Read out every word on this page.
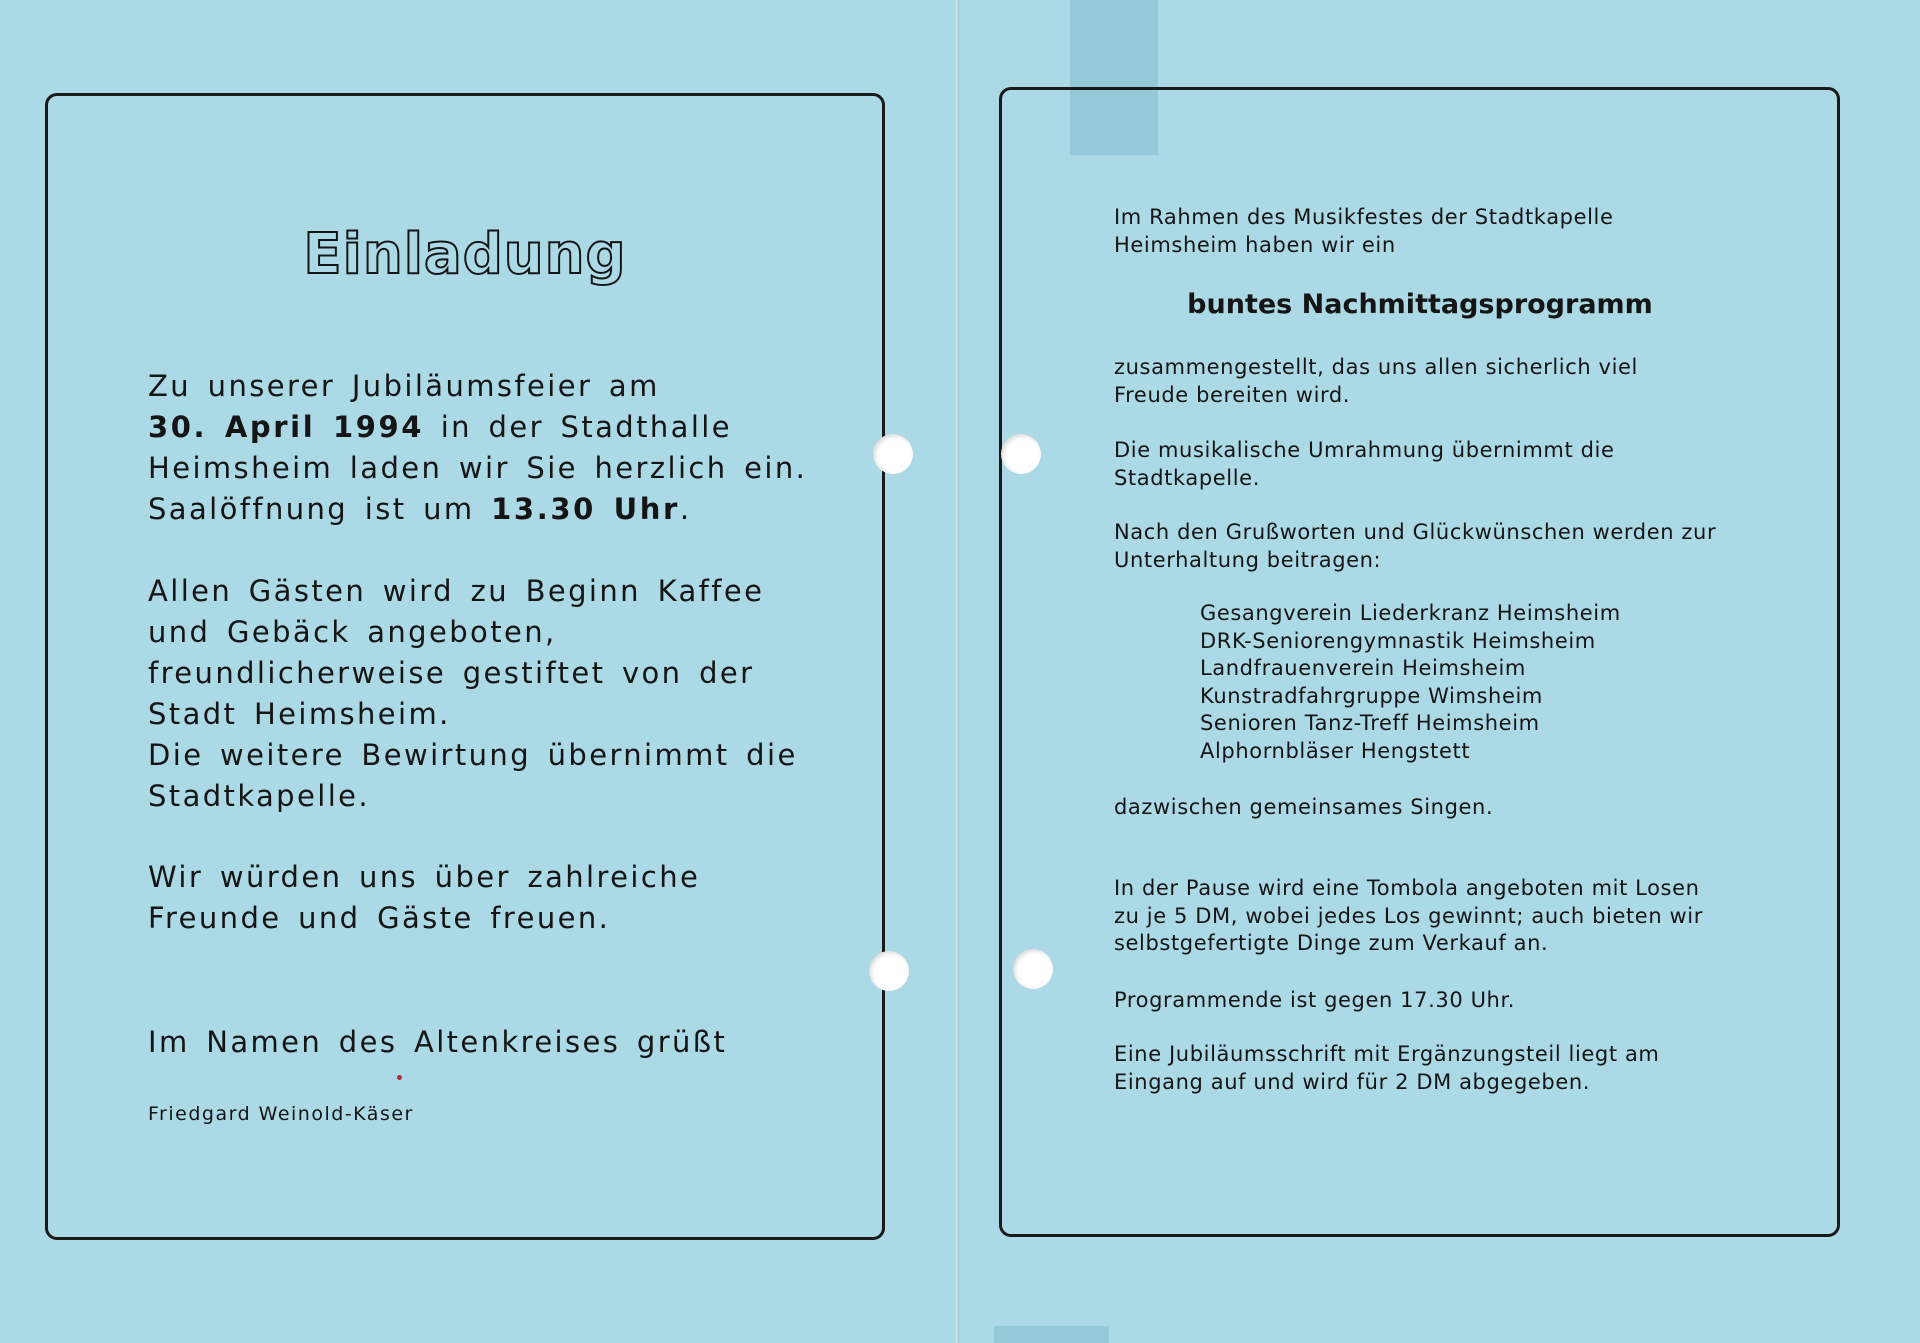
Einladung

Zu unserer Jubiläumsfeier am
30. April 1994 in der Stadthalle
Heimsheim laden wir Sie herzlich ein.
Saalöffnung ist um 13.30 Uhr.

Allen Gästen wird zu Beginn Kaffee
und Gebäck angeboten,
freundlicherweise gestiftet von der
Stadt Heimsheim.
Die weitere Bewirtung übernimmt die
Stadtkapelle.

Wir würden uns über zahlreiche
Freunde und Gäste freuen.

Im Namen des Altenkreises grüßt

Friedgard Weinold-Käser

Im Rahmen des Musikfestes der Stadtkapelle
Heimsheim haben wir ein

buntes Nachmittagsprogramm

zusammengestellt, das uns allen sicherlich viel
Freude bereiten wird.

Die musikalische Umrahmung übernimmt die
Stadtkapelle.

Nach den Grußworten und Glückwünschen werden zur
Unterhaltung beitragen:

Gesangverein Liederkranz Heimsheim
DRK-Seniorengymnastik Heimsheim
Landfrauenverein Heimsheim
Kunstradfahrgruppe Wimsheim
Senioren Tanz-Treff Heimsheim
Alphornbläser Hengstett

dazwischen gemeinsames Singen.

In der Pause wird eine Tombola angeboten mit Losen
zu je 5 DM, wobei jedes Los gewinnt; auch bieten wir
selbstgefertigte Dinge zum Verkauf an.

Programmende ist gegen 17.30 Uhr.

Eine Jubiläumsschrift mit Ergänzungsteil liegt am
Eingang auf und wird für 2 DM abgegeben.
